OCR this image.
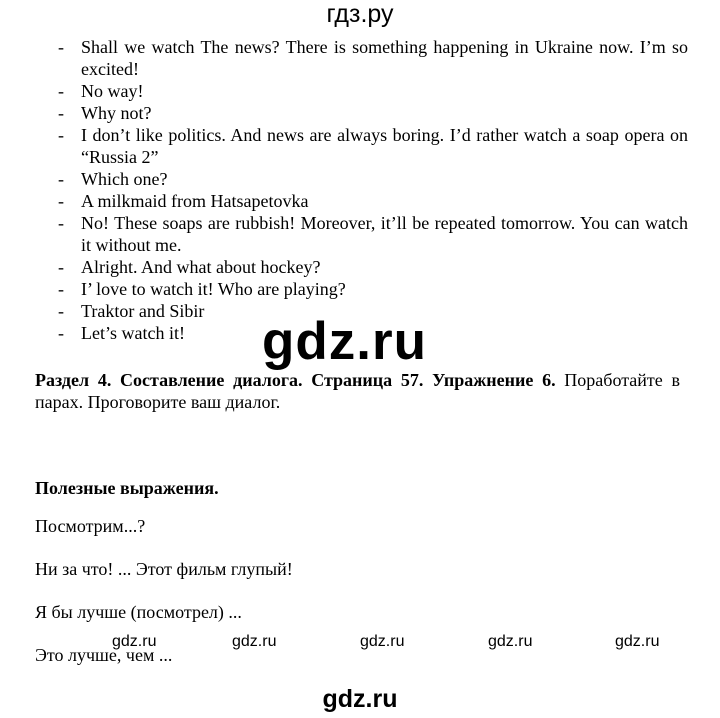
гдз.ру
- Shall we watch The news? There is something happening in Ukraine now. I’m so excited!
- No way!
- Why not?
- I don’t like politics. And news are always boring. I’d rather watch a soap opera on “Russia 2”
- Which one?
- A milkmaid from Hatsapetovka
- No! These soaps are rubbish! Moreover, it’ll be repeated tomorrow. You can watch it without me.
- Alright. And what about hockey?
- I’ love to watch it! Who are playing?
- Traktor and Sibir
- Let’s watch it!	gdz.ru
Раздел 4. Составление диалога. Страница 57. Упражнение 6. Поработайте в парах. Проговорите ваш диалог.
Полезные выражения.
Посмотрим...?
Ни за что! ... Этот фильм глупый!
Я бы лучше (посмотрел) ...
Это лучше, чем ...
gdz.ru	gdz.ru	gdz.ru	gdz.ru	gdz.ru
gdz.ru
